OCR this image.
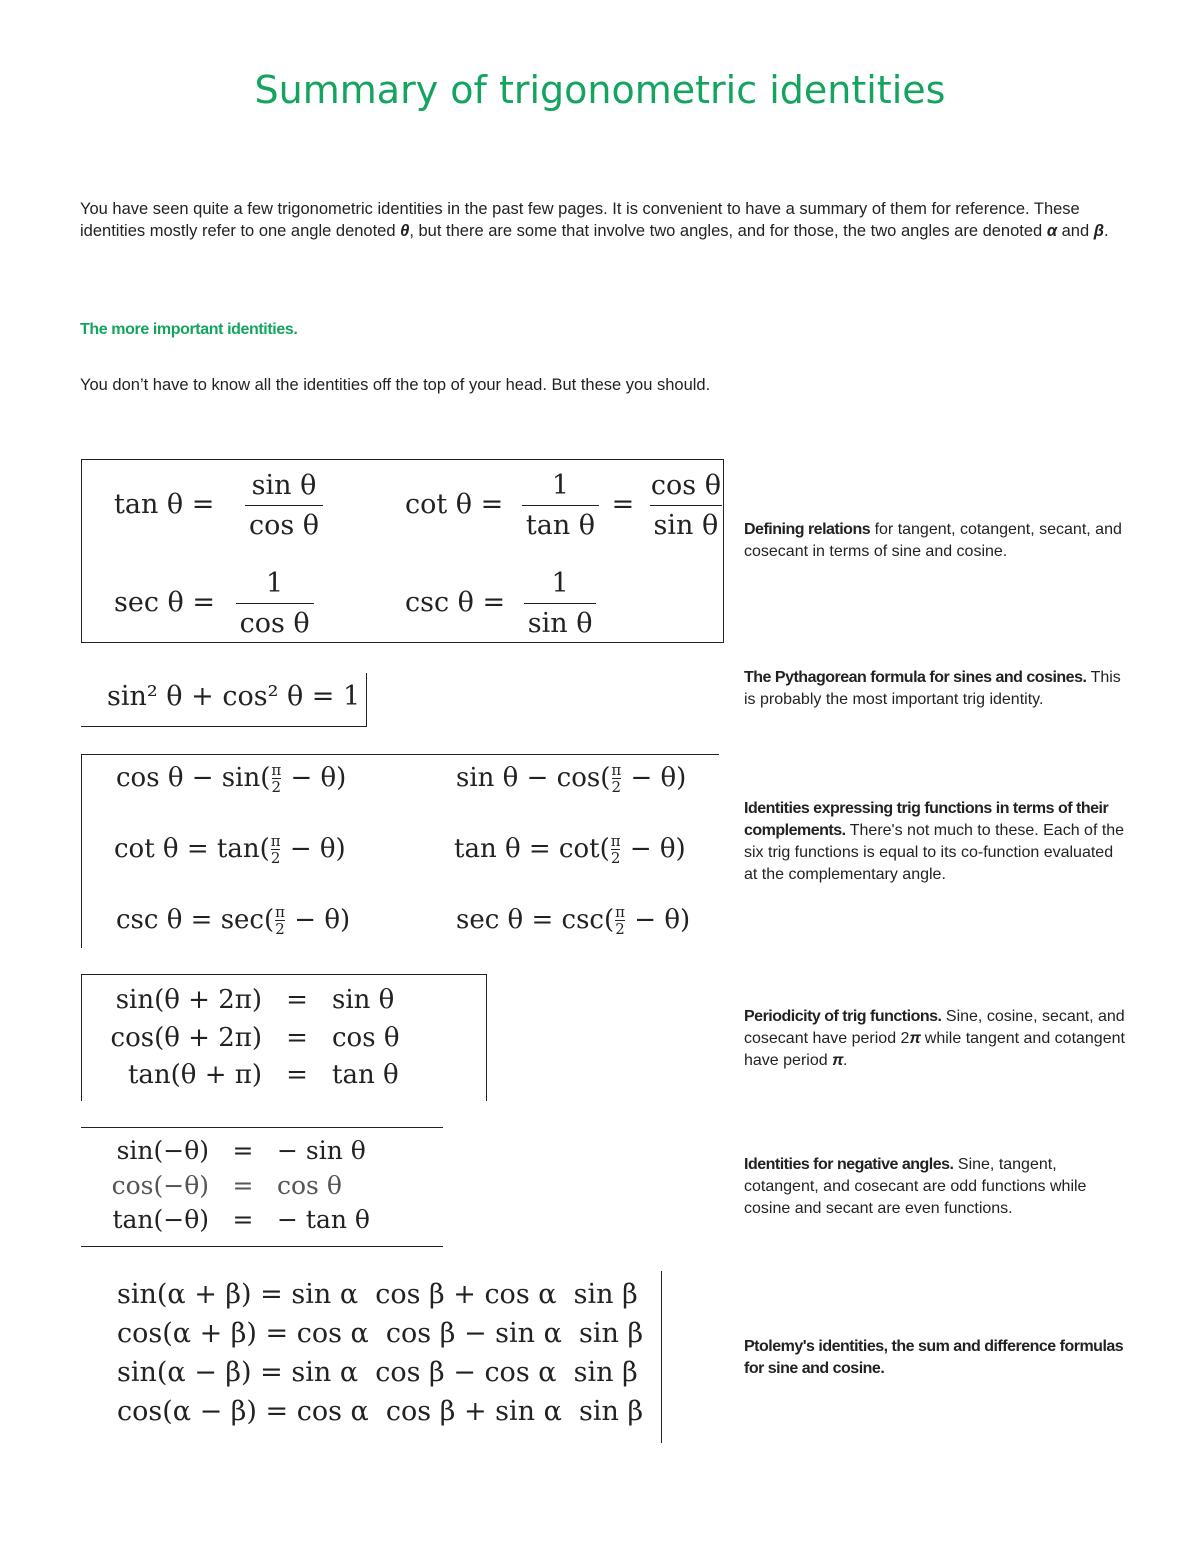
Summary of trigonometric identities
You have seen quite a few trigonometric identities in the past few pages. It is convenient to have a summary of them for reference. These identities mostly refer to one angle denoted θ, but there are some that involve two angles, and for those, the two angles are denoted α and β.
The more important identities.
You don’t have to know all the identities off the top of your head. But these you should.
$\tan \theta = \frac{\text{sin θ}}{\text{cos θ}}$	$\cot \theta = \frac{1}{\text{tan θ}} = \frac{\text{cos θ}}{\text{sin θ}}$
$\sec \theta = \frac{1}{\text{cos θ}}$	$\csc \theta = \frac{1}{\text{sin θ}}$
Defining relations for tangent, cotangent, secant, and cosecant in terms of sine and cosine.
sin² θ + cos² θ = 1
The Pythagorean formula for sines and cosines. This is probably the most important trig identity.
$\cos \theta - \sin( \frac{\pi}{2} - \theta)$	$\sin \theta - \cos( \frac{\pi}{2} - \theta)$
$\cot \theta = \tan( \frac{\pi}{2} - \theta)$	$\tan \theta = \cot( \frac{\pi}{2} - \theta)$
$\csc \theta = \sec( \frac{\pi}{2} - \theta)$	$\sec \theta = \csc( \frac{\pi}{2} - \theta)$
Identities expressing trig functions in terms of their complements. There's not much to these. Each of the six trig functions is equal to its co-function evaluated at the complementary angle.
sin(θ + 2π) = sin θ
cos(θ + 2π) = cos θ
tan(θ + π) = tan θ
Periodicity of trig functions. Sine, cosine, secant, and cosecant have period 2π while tangent and cotangent have period π.
sin(−θ) = − sin θ
cos(−θ) = cos θ
tan(−θ) = − tan θ
Identities for negative angles. Sine, tangent, cotangent, and cosecant are odd functions while cosine and secant are even functions.
sin(α + β) = sin α  cos β + cos α  sin β
cos(α + β) = cos α  cos β − sin α  sin β
sin(α − β) = sin α  cos β − cos α  sin β
cos(α − β) = cos α  cos β + sin α  sin β
Ptolemy's identities, the sum and difference formulas for sine and cosine.
